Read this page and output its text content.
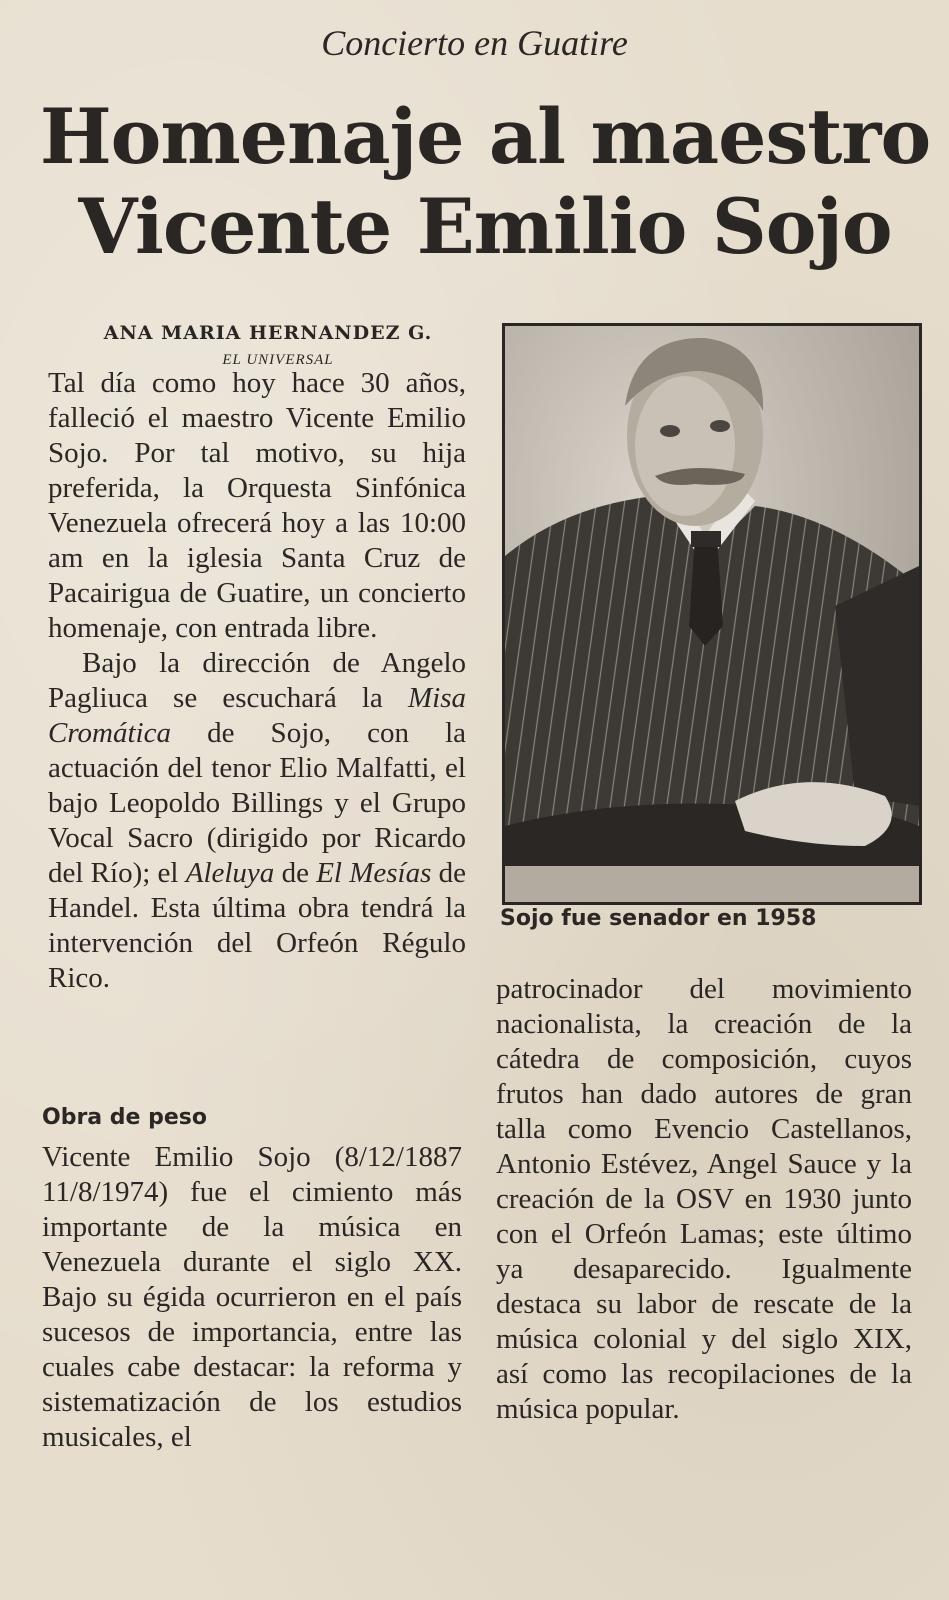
Concierto en Guatire
Homenaje al maestro
Vicente Emilio Sojo
ANA MARIA HERNANDEZ G.
EL UNIVERSAL

Tal día como hoy hace 30 años, falleció el maestro Vicente Emilio Sojo. Por tal motivo, su hija preferida, la Orquesta Sinfónica Venezuela ofrecerá hoy a las 10:00 am en la iglesia Santa Cruz de Pacairigua de Guatire, un concierto homenaje, con entrada libre.

Bajo la dirección de Angelo Pagliuca se escuchará la Misa Cromática de Sojo, con la actuación del tenor Elio Malfatti, el bajo Leopoldo Billings y el Grupo Vocal Sacro (dirigido por Ricardo del Río); el Aleluya de El Mesías de Handel. Esta última obra tendrá la intervención del Orfeón Régulo Rico.

Obra de peso

Vicente Emilio Sojo (8/12/1887 11/8/1974) fue el cimiento más importante de la música en Venezuela durante el siglo XX. Bajo su égida ocurrieron en el país sucesos de importancia, entre las cuales cabe destacar: la reforma y sistematización de los estudios musicales, el

Sojo fue senador en 1958

patrocinador del movimiento nacionalista, la creación de la cátedra de composición, cuyos frutos han dado autores de gran talla como Evencio Castellanos, Antonio Estévez, Angel Sauce y la creación de la OSV en 1930 junto con el Orfeón Lamas; este último ya desaparecido. Igualmente destaca su labor de rescate de la música colonial y del siglo XIX, así como las recopilaciones de la música popular.
